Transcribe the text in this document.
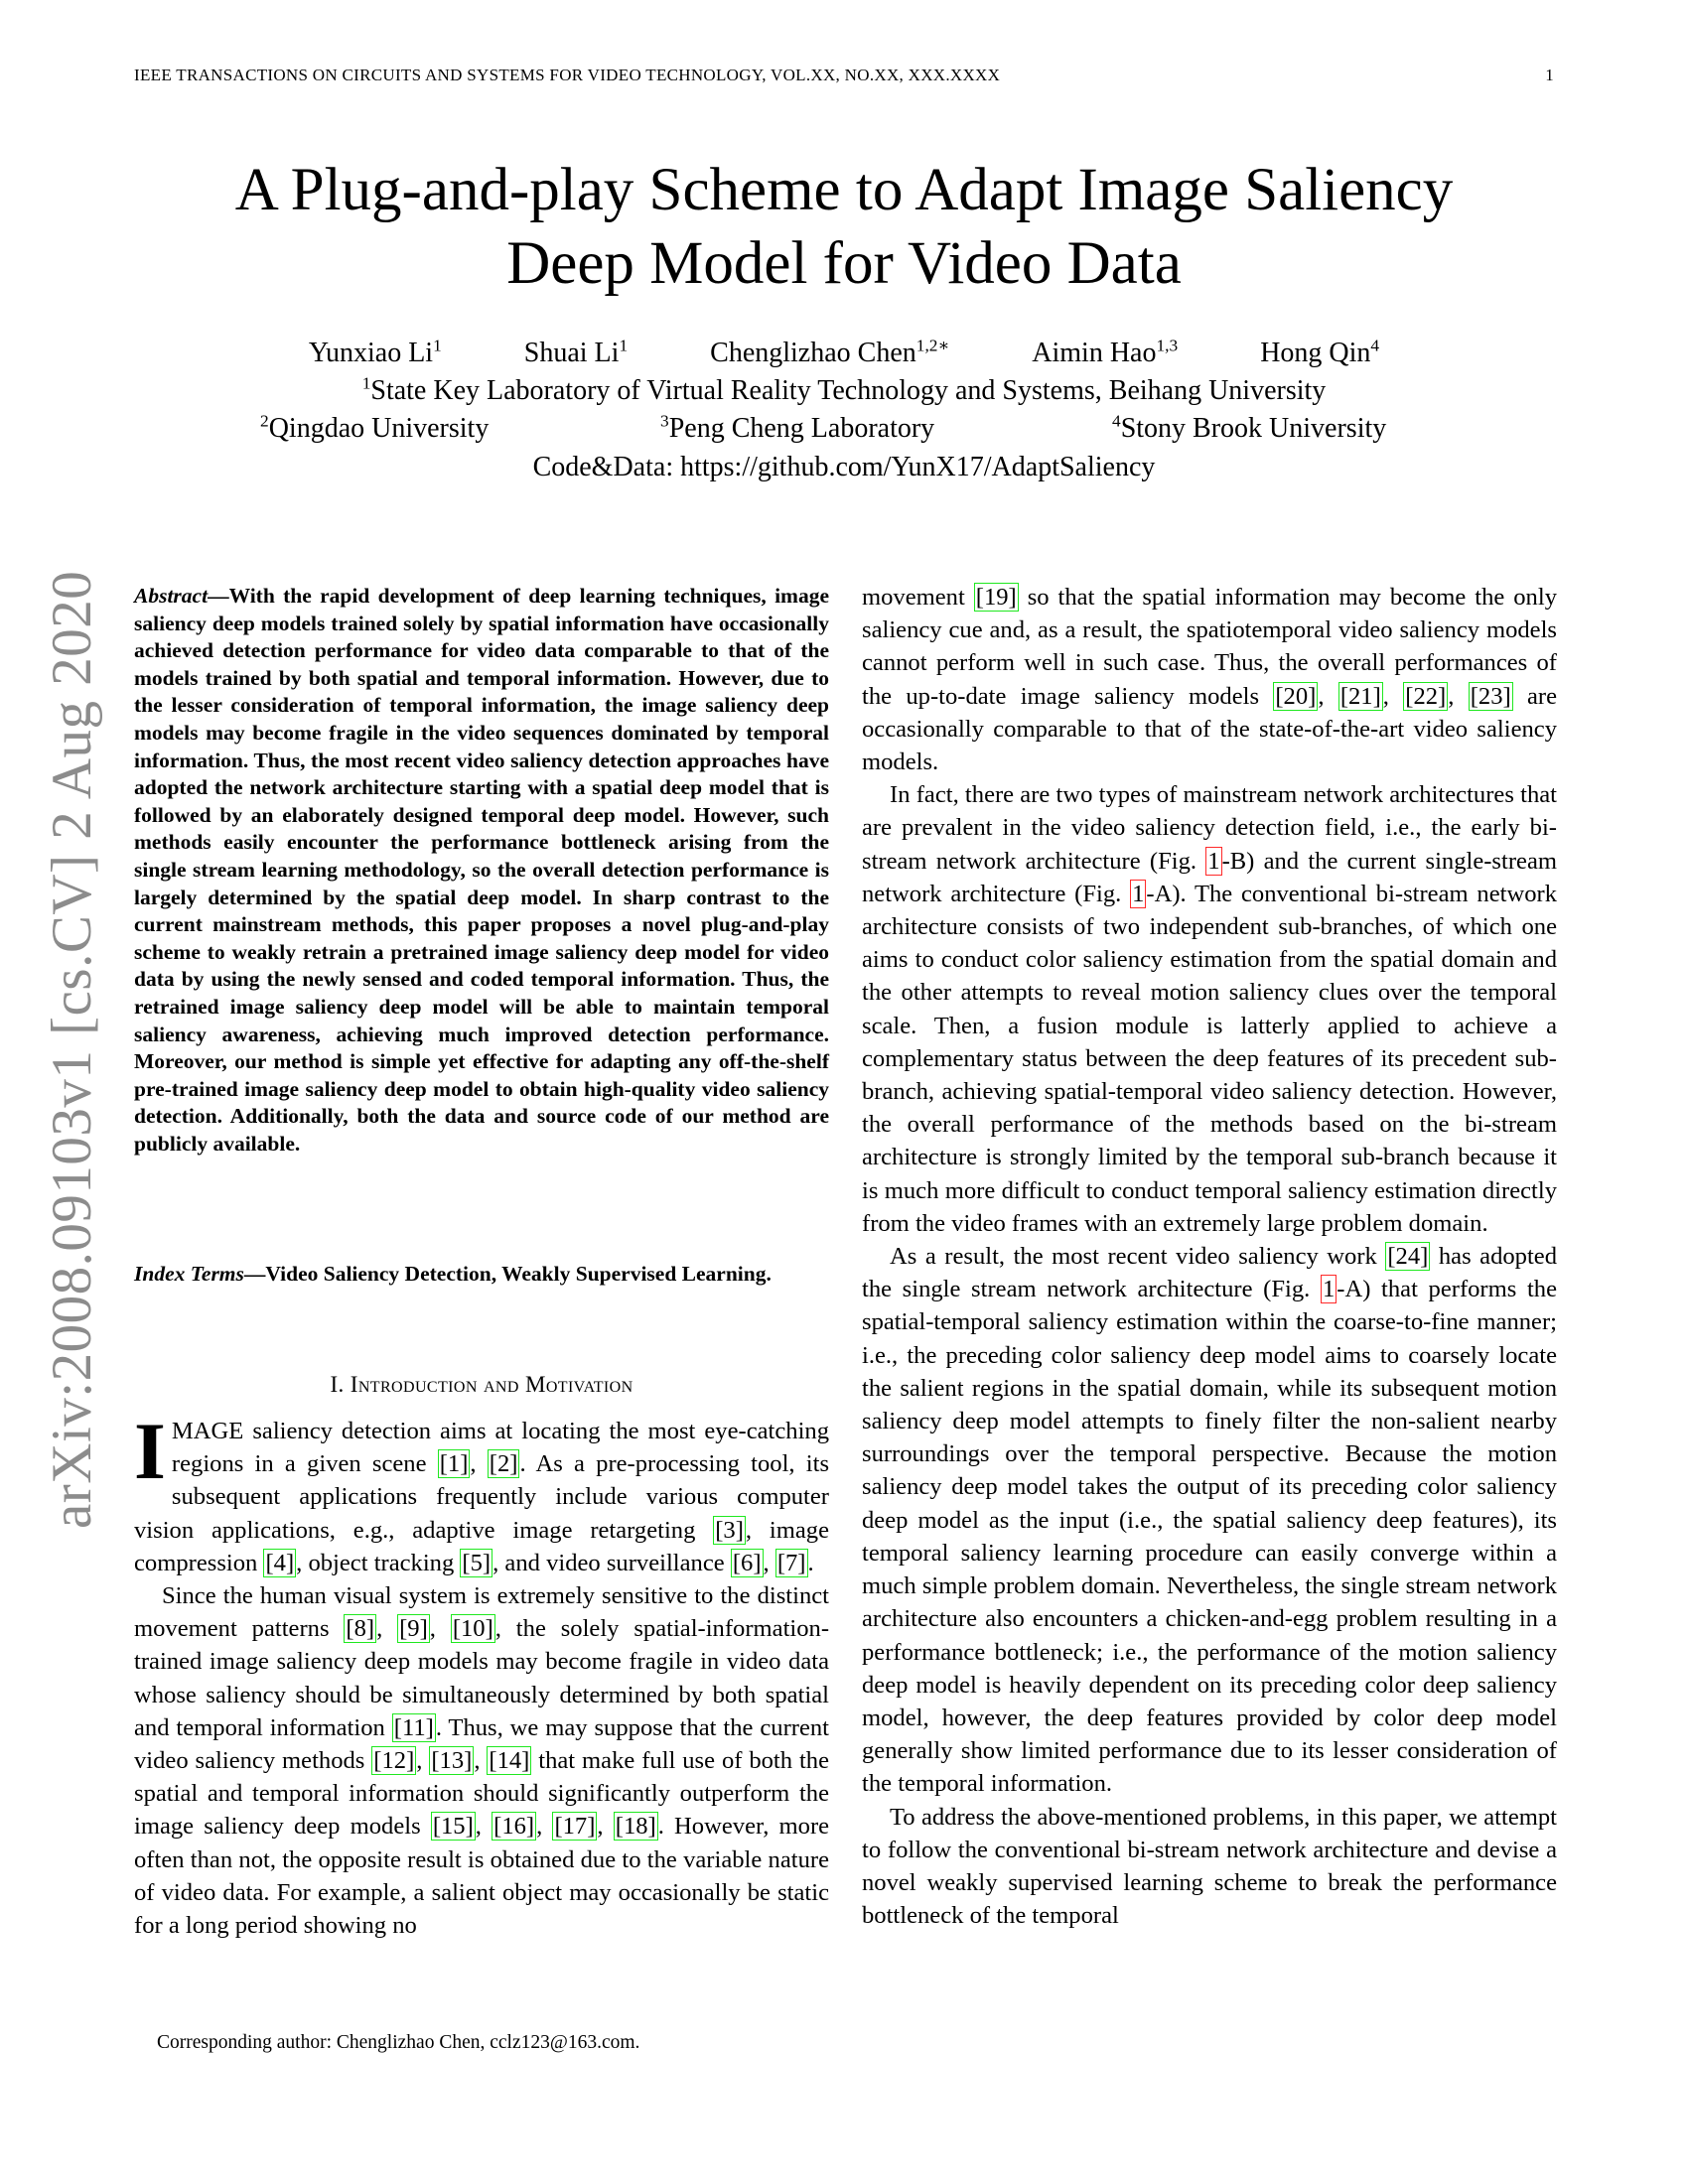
IEEE TRANSACTIONS ON CIRCUITS AND SYSTEMS FOR VIDEO TECHNOLOGY, VOL.XX, NO.XX, XXX.XXXX	1
A Plug-and-play Scheme to Adapt Image Saliency
Deep Model for Video Data
Yunxiao Li$^1$	Shuai Li$^1$	Chenglizhao Chen$^{1,2∗}$	Aimin Hao$^{1,3}$	Hong Qin$^4$
$^1$State Key Laboratory of Virtual Reality Technology and Systems, Beihang University
$^2$ Qingdao University	$^3$ Peng Cheng Laboratory	$^4$ Stony Brook University
Code&Data: https://github.com/YunX17/AdaptSaliency
arXiv:2008.09103v1 [cs.CV] 2 Aug 2020 Abstract—With the rapid development of deep learning techniques, image saliency deep models trained solely by spatial information have occasionally achieved detection performance for video data comparable to that of the models trained by both spatial and temporal information. However, due to the lesser consideration of temporal information, the image saliency deep models may become fragile in the video sequences dominated by temporal information. Thus, the most recent video saliency detection approaches have adopted the network architecture starting with a spatial deep model that is followed by an elaborately designed temporal deep model. However, such methods easily encounter the performance bottleneck arising from the single stream learning methodology, so the overall detection performance is largely determined by the spatial deep model. In sharp contrast to the current mainstream methods, this paper proposes a novel plug-and-play scheme to weakly retrain a pretrained image saliency deep model for video data by using the newly sensed and coded temporal information. Thus, the retrained image saliency deep model will be able to maintain temporal saliency awareness, achieving much improved detection performance. Moreover, our method is simple yet effective for adapting any off-the-shelf pre-trained image saliency deep model to obtain high-quality video saliency detection. Additionally, both the data and source code of our method are publicly available.
Index Terms—Video Saliency Detection, Weakly Supervised Learning.
I. Introduction and Motivation

IMAGE saliency detection aims at locating the most eye-catching regions in a given scene [1], [2]. As a pre-processing tool, its subsequent applications frequently include various computer vision applications, e.g., adaptive image retargeting [3], image compression [4], object tracking [5], and video surveillance [6], [7].

Since the human visual system is extremely sensitive to the distinct movement patterns [8], [9], [10], the solely spatial-information-trained image saliency deep models may become fragile in video data whose saliency should be simultaneously determined by both spatial and temporal information [11]. Thus, we may suppose that the current video saliency methods [12], [13], [14] that make full use of both the spatial and temporal information should significantly outperform the image saliency deep models [15], [16], [17], [18]. However, more often than not, the opposite result is obtained due to the variable nature of video data. For example, a salient object may occasionally be static for a long period showing no

movement [19] so that the spatial information may become the only saliency cue and, as a result, the spatiotemporal video saliency models cannot perform well in such case. Thus, the overall performances of the up-to-date image saliency models [20], [21], [22], [23] are occasionally comparable to that of the state-of-the-art video saliency models.

In fact, there are two types of mainstream network architectures that are prevalent in the video saliency detection field, i.e., the early bi-stream network architecture (Fig. 1-B) and the current single-stream network architecture (Fig. 1-A). The conventional bi-stream network architecture consists of two independent sub-branches, of which one aims to conduct color saliency estimation from the spatial domain and the other attempts to reveal motion saliency clues over the temporal scale. Then, a fusion module is latterly applied to achieve a complementary status between the deep features of its precedent sub-branch, achieving spatial-temporal video saliency detection. However, the overall performance of the methods based on the bi-stream architecture is strongly limited by the temporal sub-branch because it is much more difficult to conduct temporal saliency estimation directly from the video frames with an extremely large problem domain.

As a result, the most recent video saliency work [24] has adopted the single stream network architecture (Fig. 1-A) that performs the spatial-temporal saliency estimation within the coarse-to-fine manner; i.e., the preceding color saliency deep model aims to coarsely locate the salient regions in the spatial domain, while its subsequent motion saliency deep model attempts to finely filter the non-salient nearby surroundings over the temporal perspective. Because the motion saliency deep model takes the output of its preceding color saliency deep model as the input (i.e., the spatial saliency deep features), its temporal saliency learning procedure can easily converge within a much simple problem domain. Nevertheless, the single stream network architecture also encounters a chicken-and-egg problem resulting in a performance bottleneck; i.e., the performance of the motion saliency deep model is heavily dependent on its preceding color deep saliency model, however, the deep features provided by color deep model generally show limited performance due to its lesser consideration of the temporal information.

To address the above-mentioned problems, in this paper, we attempt to follow the conventional bi-stream network architecture and devise a novel weakly supervised learning scheme to break the performance bottleneck of the temporal

Corresponding author: Chenglizhao Chen, cclz123@163.com.
